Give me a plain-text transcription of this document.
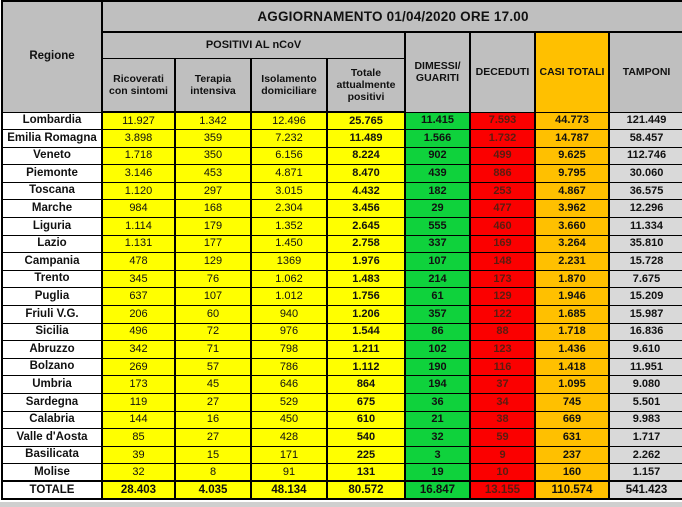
Regione	AGGIORNAMENTO 01/04/2020 ORE 17.00							
	POSITIVI AL nCoV				DIMESSI/ GUARITI	DECEDUTI	CASI TOTALI	TAMPONI
	Ricoverati con sintomi	Terapia intensiva	Isolamento domiciliare	Totale attualmente positivi				
Lombardia	11.927	1.342	12.496	25.765	11.415	7.593	44.773	121.449
Emilia Romagna	3.898	359	7.232	11.489	1.566	1.732	14.787	58.457
Veneto	1.718	350	6.156	8.224	902	499	9.625	112.746
Piemonte	3.146	453	4.871	8.470	439	886	9.795	30.060
Toscana	1.120	297	3.015	4.432	182	253	4.867	36.575
Marche	984	168	2.304	3.456	29	477	3.962	12.296
Liguria	1.114	179	1.352	2.645	555	460	3.660	11.334
Lazio	1.131	177	1.450	2.758	337	169	3.264	35.810
Campania	478	129	1369	1.976	107	148	2.231	15.728
Trento	345	76	1.062	1.483	214	173	1.870	7.675
Puglia	637	107	1.012	1.756	61	129	1.946	15.209
Friuli V.G.	206	60	940	1.206	357	122	1.685	15.987
Sicilia	496	72	976	1.544	86	88	1.718	16.836
Abruzzo	342	71	798	1.211	102	123	1.436	9.610
Bolzano	269	57	786	1.112	190	116	1.418	11.951
Umbria	173	45	646	864	194	37	1.095	9.080
Sardegna	119	27	529	675	36	34	745	5.501
Calabria	144	16	450	610	21	38	669	9.983
Valle d'Aosta	85	27	428	540	32	59	631	1.717
Basilicata	39	15	171	225	3	9	237	2.262
Molise	32	8	91	131	19	10	160	1.157
TOTALE	28.403	4.035	48.134	80.572	16.847	13.155	110.574	541.423
